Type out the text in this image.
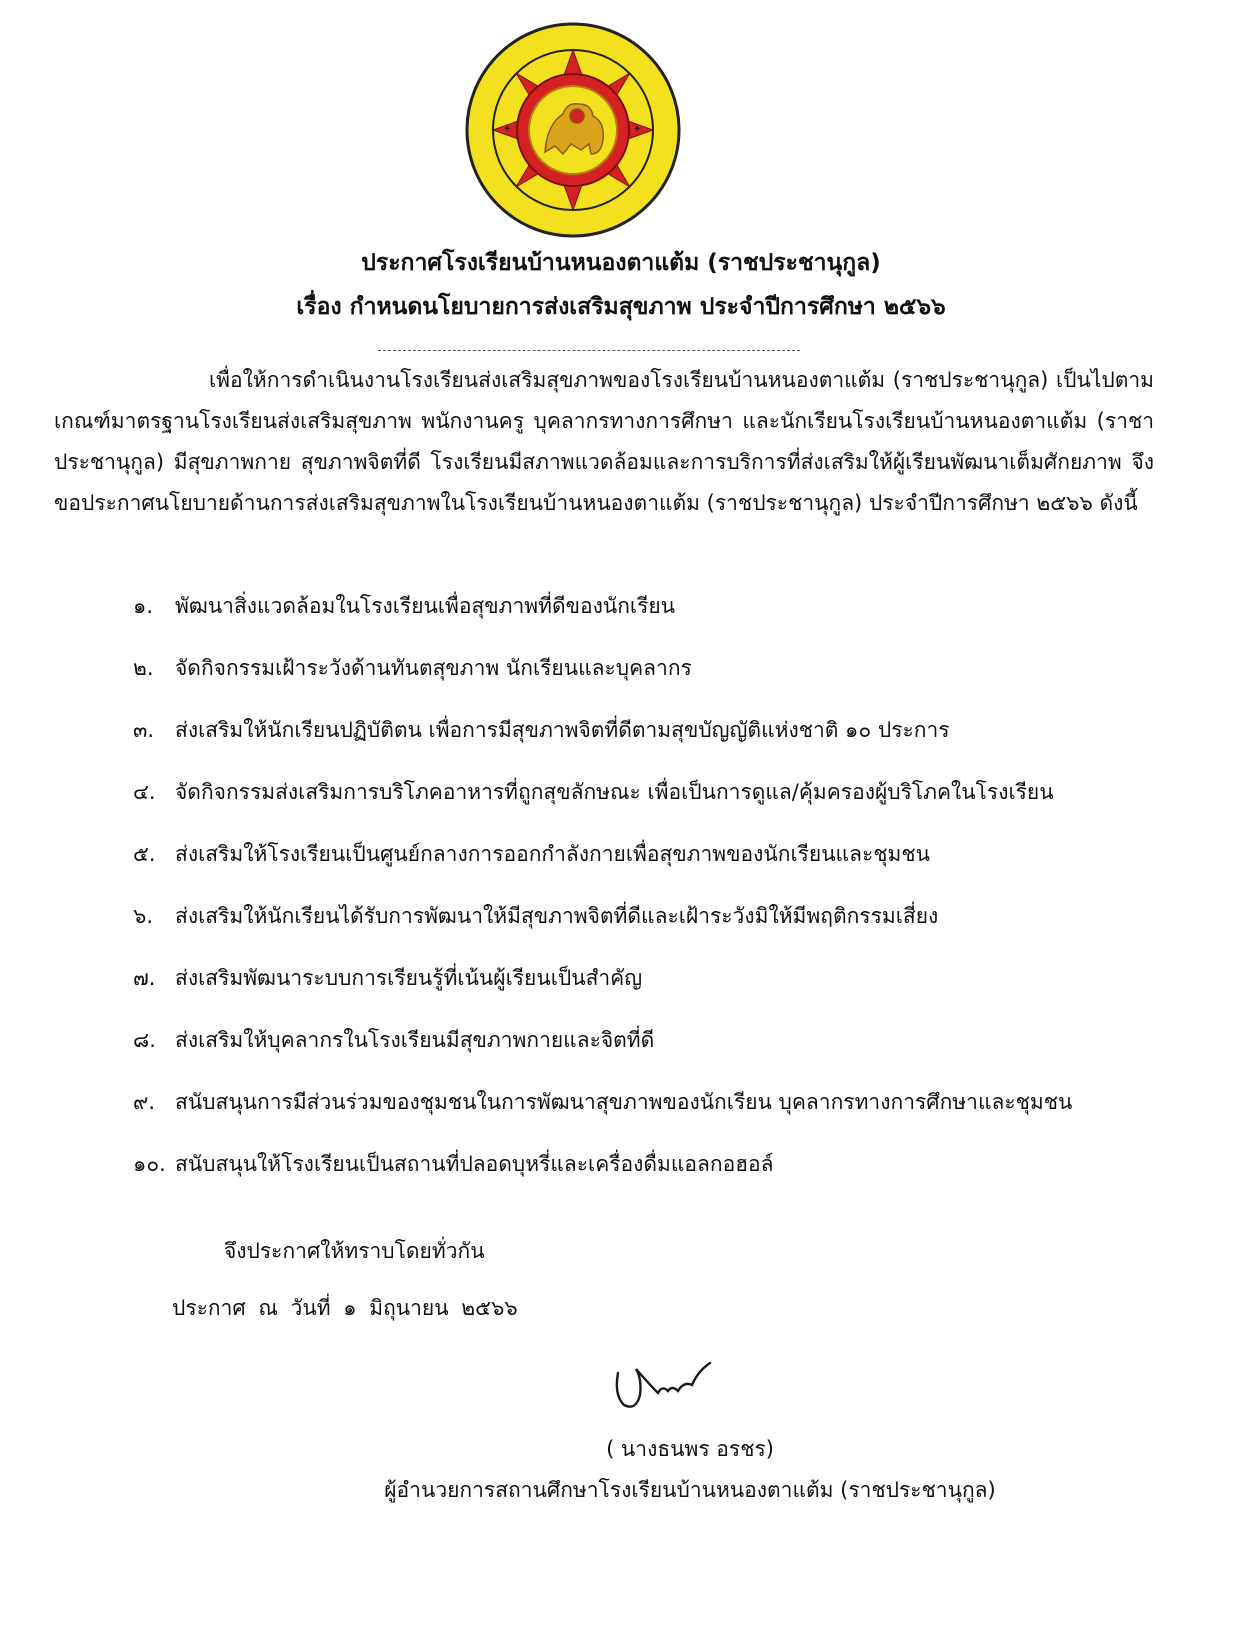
✦	✦
ประกาศโรงเรียนบ้านหนองตาแต้ม (ราชประชานุกูล)
เรื่อง กำหนดนโยบายการส่งเสริมสุขภาพ ประจำปีการศึกษา ๒๕๖๖

เพื่อให้การดำเนินงานโรงเรียนส่งเสริมสุขภาพของโรงเรียนบ้านหนองตาแต้ม (ราชประชานุกูล) เป็นไปตามเกณฑ์มาตรฐานโรงเรียนส่งเสริมสุขภาพ พนักงานครู บุคลากรทางการศึกษา และนักเรียนโรงเรียนบ้านหนองตาแต้ม (ราชาประชานุกูล) มีสุขภาพกาย สุขภาพจิตที่ดี โรงเรียนมีสภาพแวดล้อมและการบริการที่ส่งเสริมให้ผู้เรียนพัฒนาเต็มศักยภาพ จึงขอประกาศนโยบายด้านการส่งเสริมสุขภาพในโรงเรียนบ้านหนองตาแต้ม (ราชประชานุกูล) ประจำปีการศึกษา ๒๕๖๖ ดังนี้

๑. พัฒนาสิ่งแวดล้อมในโรงเรียนเพื่อสุขภาพที่ดีของนักเรียน
๒. จัดกิจกรรมเฝ้าระวังด้านทันตสุขภาพ นักเรียนและบุคลากร
๓. ส่งเสริมให้นักเรียนปฏิบัติตน เพื่อการมีสุขภาพจิตที่ดีตามสุขบัญญัติแห่งชาติ ๑๐ ประการ
๔. จัดกิจกรรมส่งเสริมการบริโภคอาหารที่ถูกสุขลักษณะ เพื่อเป็นการดูแล/คุ้มครองผู้บริโภคในโรงเรียน
๕. ส่งเสริมให้โรงเรียนเป็นศูนย์กลางการออกกำลังกายเพื่อสุขภาพของนักเรียนและชุมชน
๖. ส่งเสริมให้นักเรียนได้รับการพัฒนาให้มีสุขภาพจิตที่ดีและเฝ้าระวังมิให้มีพฤติกรรมเสี่ยง
๗. ส่งเสริมพัฒนาระบบการเรียนรู้ที่เน้นผู้เรียนเป็นสำคัญ
๘. ส่งเสริมให้บุคลากรในโรงเรียนมีสุขภาพกายและจิตที่ดี
๙. สนับสนุนการมีส่วนร่วมของชุมชนในการพัฒนาสุขภาพของนักเรียน บุคลากรทางการศึกษาและชุมชน
๑๐. สนับสนุนให้โรงเรียนเป็นสถานที่ปลอดบุหรี่และเครื่องดื่มแอลกอฮอล์
จึงประกาศให้ทราบโดยทั่วกัน
ประกาศ ณ วันที่ ๑ มิถุนายน ๒๕๖๖
( นางธนพร อรชร)
ผู้อำนวยการสถานศึกษาโรงเรียนบ้านหนองตาแต้ม (ราชประชานุกูล)
